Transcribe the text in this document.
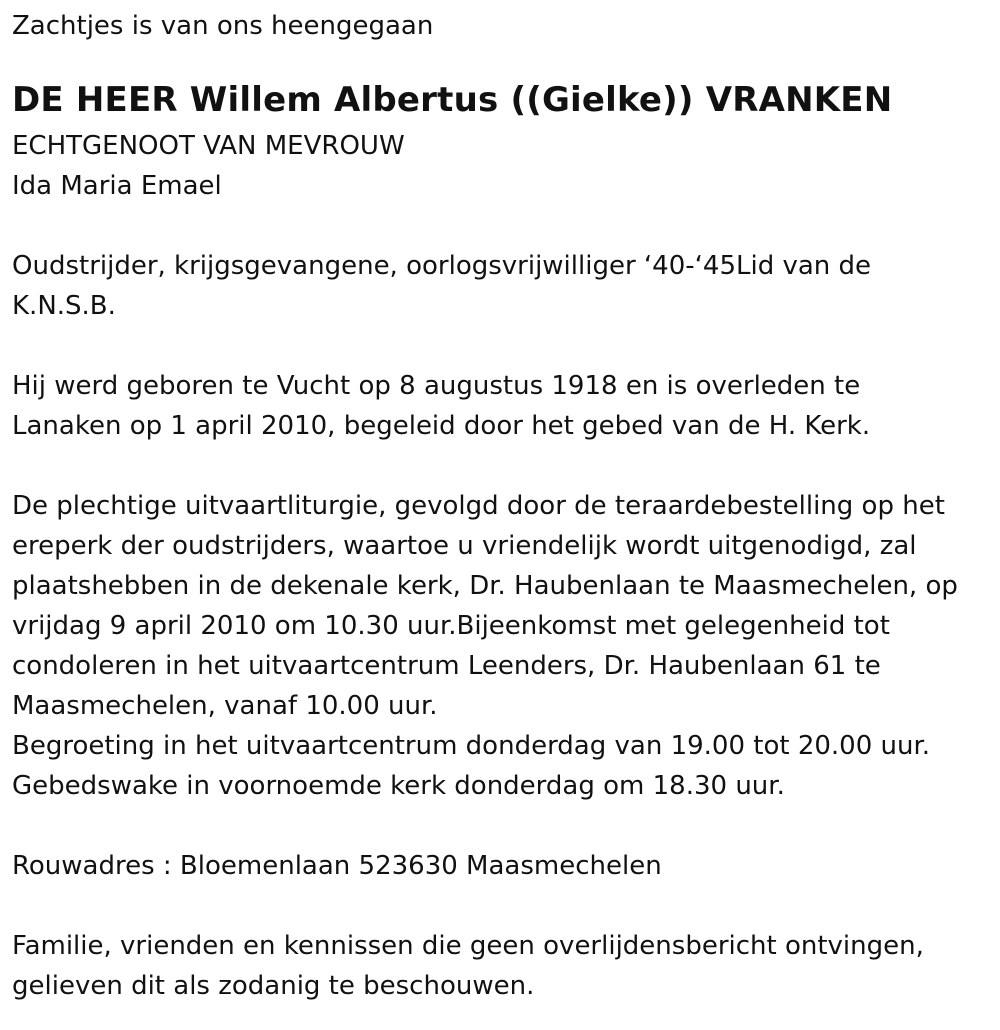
Zachtjes is van ons heengegaan
DE HEER Willem Albertus ((Gielke)) VRANKEN
ECHTGENOOT VAN MEVROUW
Ida Maria Emael
Oudstrijder, krijgsgevangene, oorlogsvrijwilliger ‘40-‘45Lid van de
K.N.S.B.
Hij werd geboren te Vucht op 8 augustus 1918 en is overleden te
Lanaken op 1 april 2010, begeleid door het gebed van de H. Kerk.
De plechtige uitvaartliturgie, gevolgd door de teraardebestelling op het
ereperk der oudstrijders, waartoe u vriendelijk wordt uitgenodigd, zal
plaatshebben in de dekenale kerk, Dr. Haubenlaan te Maasmechelen, op
vrijdag 9 april 2010 om 10.30 uur.Bijeenkomst met gelegenheid tot
condoleren in het uitvaartcentrum Leenders, Dr. Haubenlaan 61 te
Maasmechelen, vanaf 10.00 uur.
Begroeting in het uitvaartcentrum donderdag van 19.00 tot 20.00 uur.
Gebedswake in voornoemde kerk donderdag om 18.30 uur.
Rouwadres : Bloemenlaan 523630 Maasmechelen
Familie, vrienden en kennissen die geen overlijdensbericht ontvingen,
gelieven dit als zodanig te beschouwen.
